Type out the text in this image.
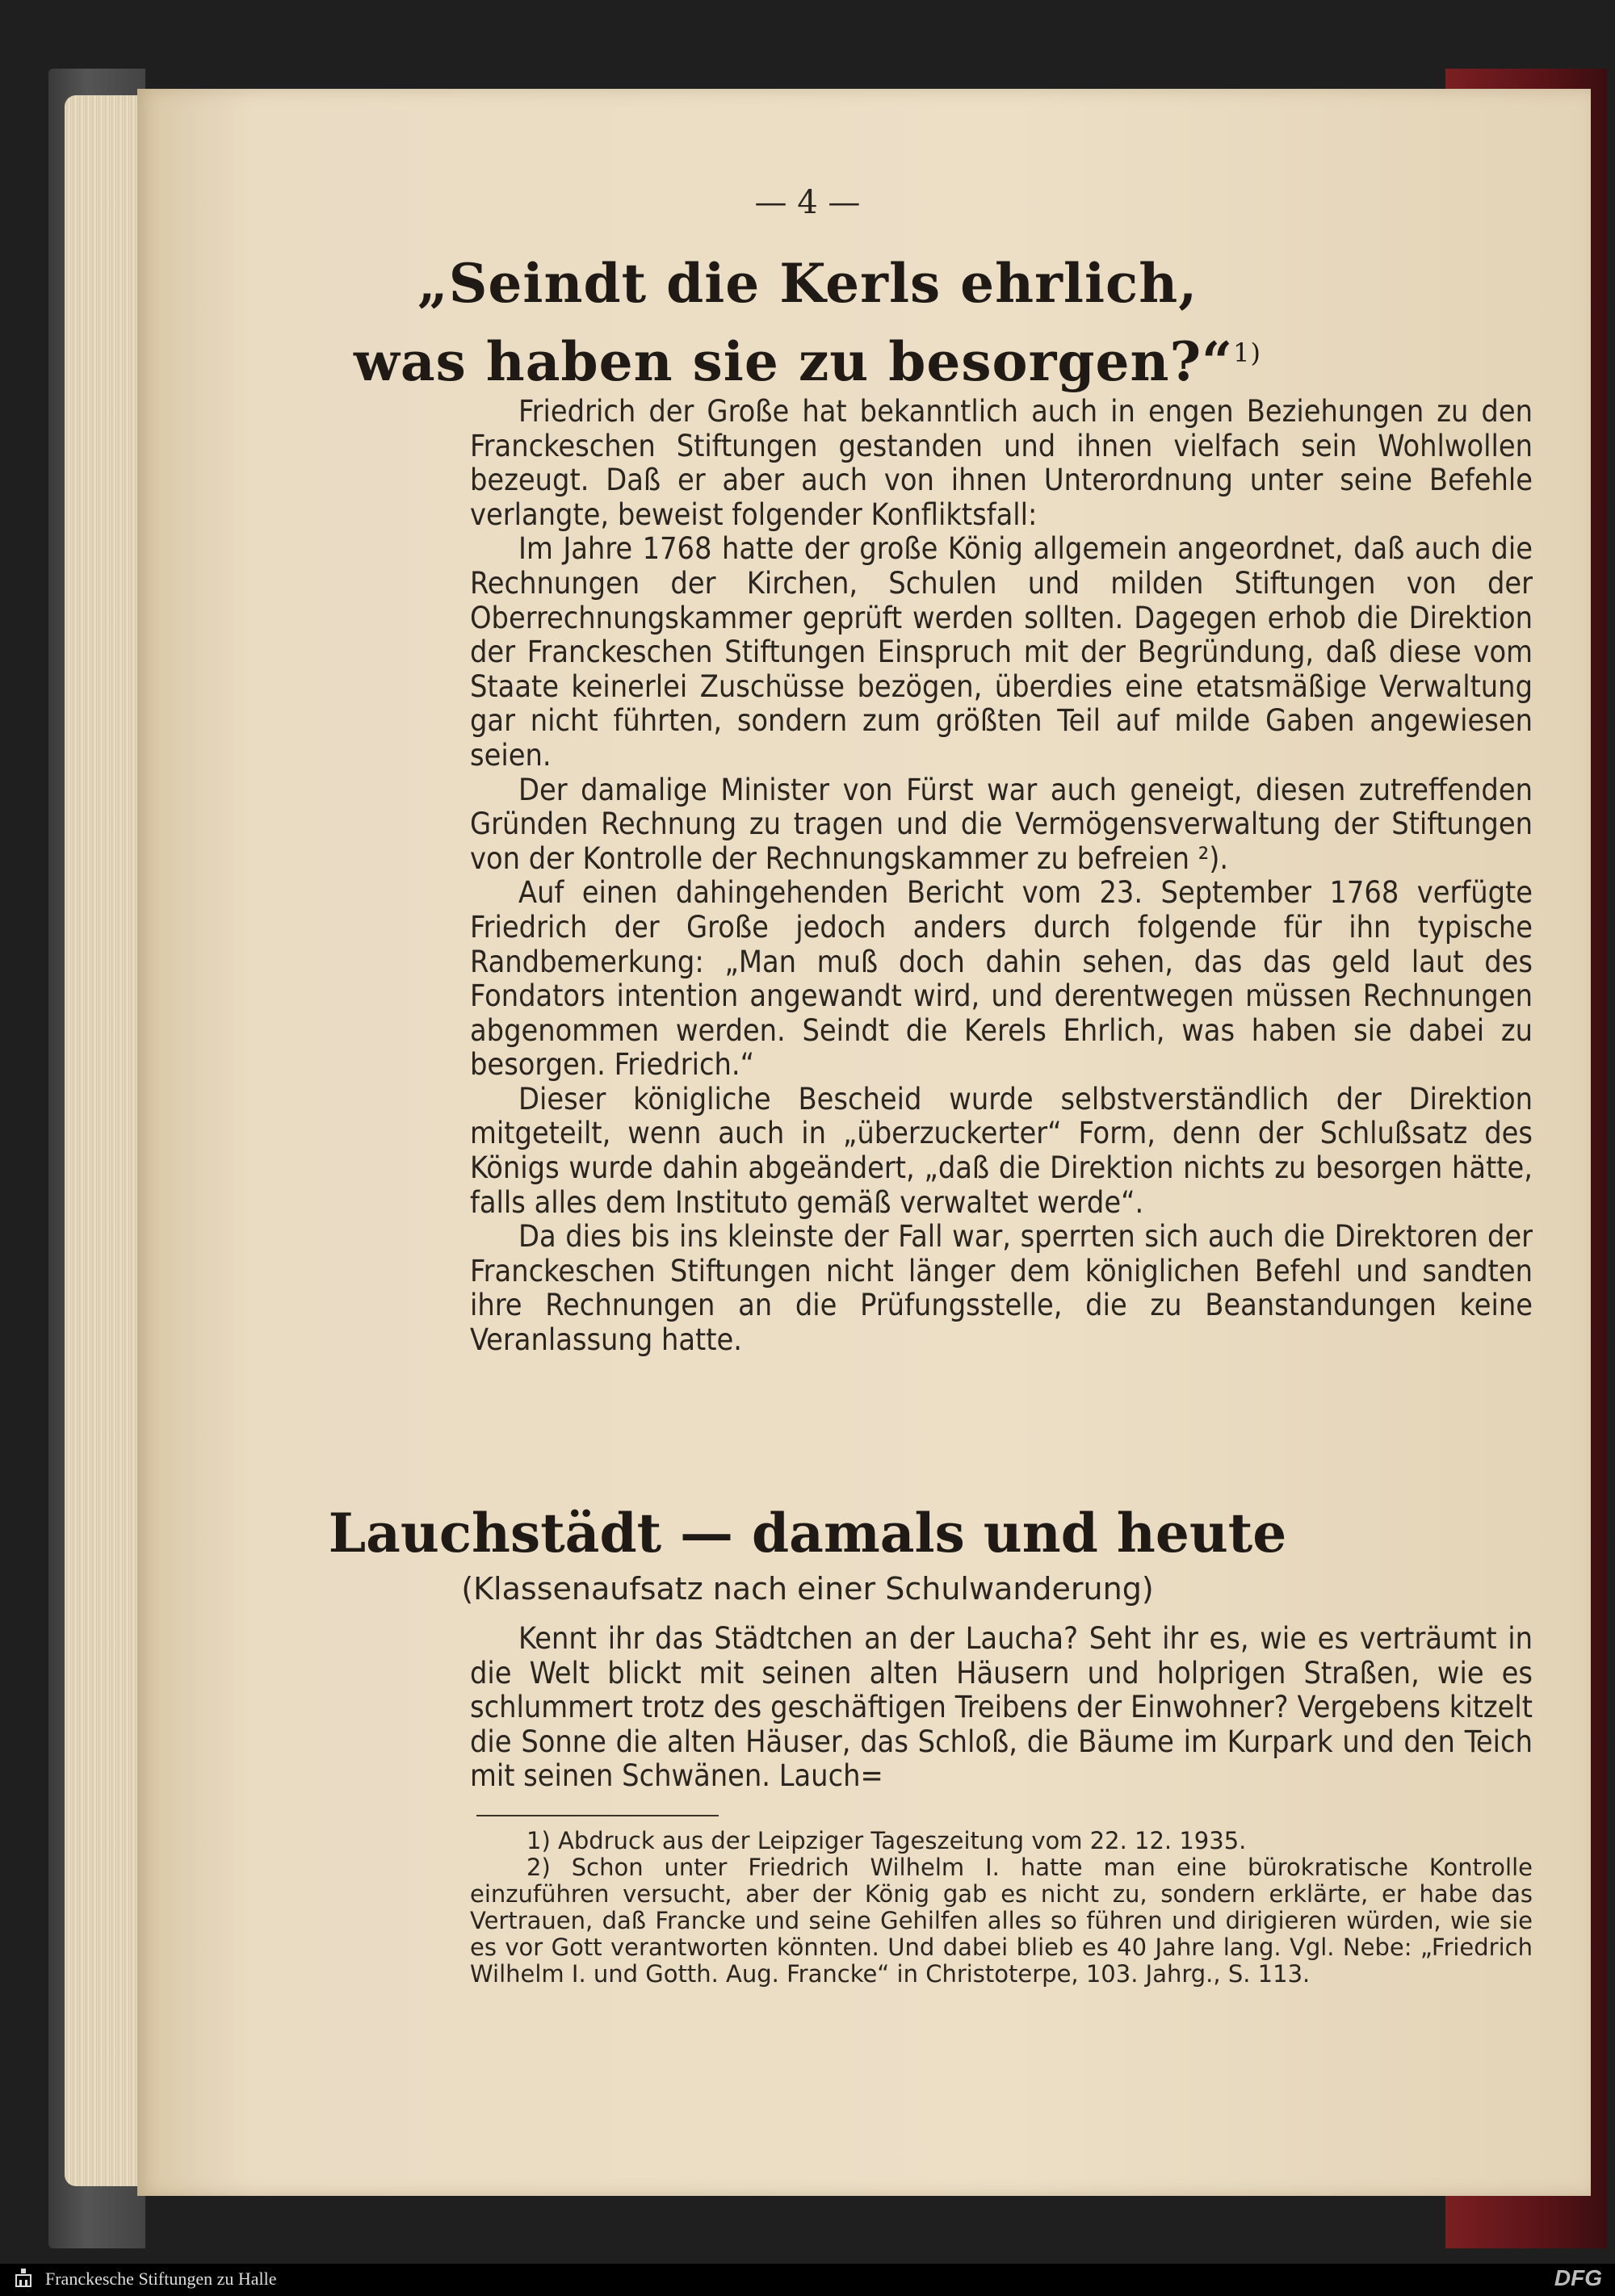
— 4 —
„Seindt die Kerls ehrlich,
was haben sie zu besorgen?“$^{1)}$

Friedrich der Große hat bekanntlich auch in engen Beziehungen zu den Franckeschen Stiftungen gestanden und ihnen vielfach sein Wohlwollen bezeugt. Daß er aber auch von ihnen Unterordnung unter seine Befehle verlangte, beweist folgender Konfliktsfall:

Im Jahre 1768 hatte der große König allgemein angeordnet, daß auch die Rechnungen der Kirchen, Schulen und milden Stiftungen von der Oberrechnungskammer geprüft werden sollten. Dagegen erhob die Direktion der Franckeschen Stiftungen Einspruch mit der Begründung, daß diese vom Staate keinerlei Zuschüsse bezögen, überdies eine etatsmäßige Verwaltung gar nicht führten, sondern zum größten Teil auf milde Gaben angewiesen seien.

Der damalige Minister von Fürst war auch geneigt, diesen zutreffenden Gründen Rechnung zu tragen und die Vermögensverwaltung der Stiftungen von der Kontrolle der Rechnungskammer zu befreien ²).

Auf einen dahingehenden Bericht vom 23. September 1768 verfügte Friedrich der Große jedoch anders durch folgende für ihn typische Randbemerkung: „Man muß doch dahin sehen, das das geld laut des Fondators intention angewandt wird, und derentwegen müssen Rechnungen abgenommen werden. Seindt die Kerels Ehrlich, was haben sie dabei zu besorgen. Friedrich.“

Dieser königliche Bescheid wurde selbstverständlich der Direktion mitgeteilt, wenn auch in „überzuckerter“ Form, denn der Schlußsatz des Königs wurde dahin abgeändert, „daß die Direktion nichts zu besorgen hätte, falls alles dem Instituto gemäß verwaltet werde“.

Da dies bis ins kleinste der Fall war, sperrten sich auch die Direktoren der Franckeschen Stiftungen nicht länger dem königlichen Befehl und sandten ihre Rechnungen an die Prüfungsstelle, die zu Beanstandungen keine Veranlassung hatte.

Lauchstädt — damals und heute
(Klassenaufsatz nach einer Schulwanderung)

Kennt ihr das Städtchen an der Laucha? Seht ihr es, wie es verträumt in die Welt blickt mit seinen alten Häusern und holprigen Straßen, wie es schlummert trotz des geschäftigen Treibens der Einwohner? Vergebens kitzelt die Sonne die alten Häuser, das Schloß, die Bäume im Kurpark und den Teich mit seinen Schwänen. Lauch=

1) Abdruck aus der Leipziger Tageszeitung vom 22. 12. 1935.

2) Schon unter Friedrich Wilhelm I. hatte man eine bürokratische Kontrolle einzuführen versucht, aber der König gab es nicht zu, sondern erklärte, er habe das Vertrauen, daß Francke und seine Gehilfen alles so führen und dirigieren würden, wie sie es vor Gott verantworten könnten. Und dabei blieb es 40 Jahre lang. Vgl. Nebe: „Friedrich Wilhelm I. und Gotth. Aug. Francke“ in Christoterpe, 103. Jahrg., S. 113.

Franckesche Stiftungen zu Halle	DFG
